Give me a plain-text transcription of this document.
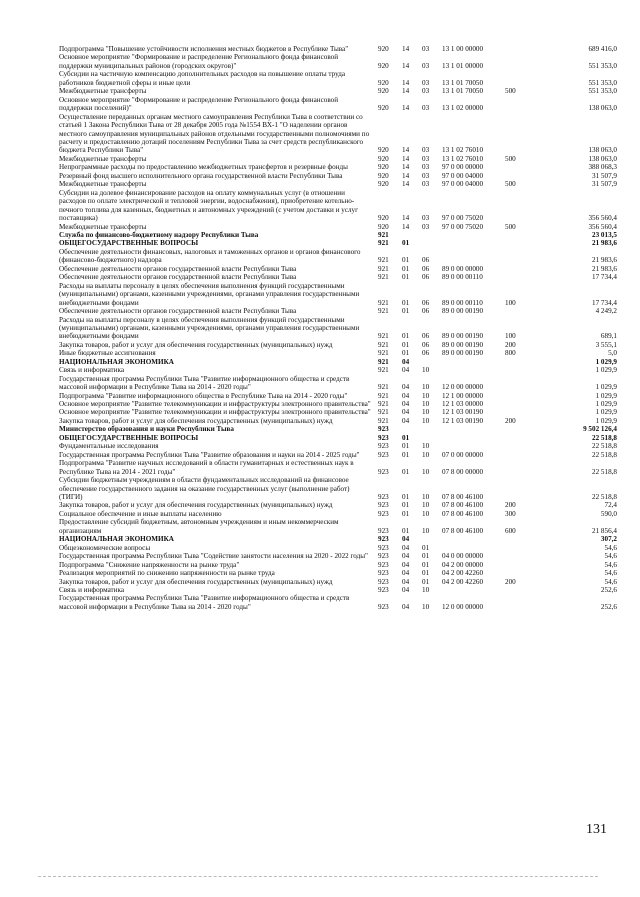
Подпрограмма "Повышение устойчивости исполнения местных бюджетов в Республике Тыва"	920	14	03	13 1 00 00000		689 416,0
Основное мероприятие "Формирование и распределение Регионального фонда финансовой поддержки муниципальных районов (городских округов)"	920	14	03	13 1 01 00000		551 353,0
Субсидии на частичную компенсацию дополнительных расходов на повышение оплаты труда работников бюджетной сферы и иные цели	920	14	03	13 1 01 70050		551 353,0
Межбюджетные трансферты	920	14	03	13 1 01 70050	500	551 353,0
Основное мероприятие "Формирование и распределение Регионального фонда финансовой поддержки поселений)"	920	14	03	13 1 02 00000		138 063,0
Осуществление переданных органам местного самоуправления Республики Тыва в соответствии со статьей 1 Закона Республики Тыва от 28 декабря 2005 года №1554 ВХ-1 "О наделении органов местного самоуправления муниципальных районов отдельными государственными полномочиями по расчету и предоставлению дотаций поселениям Республики Тыва за счет средств республиканского бюджета Республики Тыва"	920	14	03	13 1 02 76010		138 063,0
Межбюджетные трансферты	920	14	03	13 1 02 76010	500	138 063,0
Непрограммные расходы по предоставлению межбюджетных трансфертов и резервные фонды	920	14	03	97 0 00 00000		388 068,3
Резервный фонд высшего исполнительного органа государственной власти Республики Тыва	920	14	03	97 0 00 04000		31 507,9
Межбюджетные трансферты	920	14	03	97 0 00 04000	500	31 507,9
Субсидии на долевое финансирование расходов на оплату коммунальных услуг (в отношении расходов по оплате электрической и тепловой энергии, водоснабжения), приобретение котельно-печного топлива для казенных, бюджетных и автономных учреждений (с учетом доставки и услуг поставщика)	920	14	03	97 0 00 75020		356 560,4
Межбюджетные трансферты	920	14	03	97 0 00 75020	500	356 560,4
Служба по финансово-бюджетному надзору Республики Тыва	921					23 013,5
ОБЩЕГОСУДАРСТВЕННЫЕ ВОПРОСЫ	921	01				21 983,6
Обеспечение деятельности финансовых, налоговых и таможенных органов и органов финансового (финансово-бюджетного) надзора	921	01	06			21 983,6
Обеспечение деятельности органов государственной власти Республики Тыва	921	01	06	89 0 00 00000		21 983,6
Обеспечение деятельности органов государственной власти Республики Тыва	921	01	06	89 0 00 00110		17 734,4
Расходы на выплаты персоналу в целях обеспечения выполнения функций государственными (муниципальными) органами, казенными учреждениями, органами управления государственными внебюджетными фондами	921	01	06	89 0 00 00110	100	17 734,4
Обеспечение деятельности органов государственной власти Республики Тыва	921	01	06	89 0 00 00190		4 249,2
Расходы на выплаты персоналу в целях обеспечения выполнения функций государственными (муниципальными) органами, казенными учреждениями, органами управления государственными внебюджетными фондами	921	01	06	89 0 00 00190	100	689,1
Закупка товаров, работ и услуг для обеспечения государственных (муниципальных) нужд	921	01	06	89 0 00 00190	200	3 555,1
Иные бюджетные ассигнования	921	01	06	89 0 00 00190	800	5,0
НАЦИОНАЛЬНАЯ ЭКОНОМИКА	921	04				1 029,9
Связь и информатика	921	04	10			1 029,9
Государственная программа Республики Тыва "Развитие информационного общества и средств массовой информации в Республике Тыва на 2014 - 2020 годы"	921	04	10	12 0 00 00000		1 029,9
Подпрограмма "Развитие информационного общества в Республике Тыва на 2014 - 2020 годы"	921	04	10	12 1 00 00000		1 029,9
Основное мероприятие "Развитие телекоммуникации и инфраструктуры электронного правительства"	921	04	10	12 1 03 00000		1 029,9
Основное мероприятие "Развитие телекоммуникации и инфраструктуры электронного правительства"	921	04	10	12 1 03 00190		1 029,9
Закупка товаров, работ и услуг для обеспечения государственных (муниципальных) нужд	921	04	10	12 1 03 00190	200	1 029,9
Министерство образования и науки Республики Тыва	923					9 502 126,4
ОБЩЕГОСУДАРСТВЕННЫЕ ВОПРОСЫ	923	01				22 518,8
Фундаментальные исследования	923	01	10			22 518,8
Государственная программа Республики Тыва "Развитие образования и науки на 2014 - 2025 годы"	923	01	10	07 0 00 00000		22 518,8
Подпрограмма "Развитие научных исследований в области гуманитарных и естественных наук в Республике Тыва на 2014 - 2021 годы"	923	01	10	07 8 00 00000		22 518,8
Субсидии бюджетным учреждениям в области фундаментальных исследований на финансовое обеспечение государственного задания на оказание государственных услуг (выполнение работ) (ТИГИ)	923	01	10	07 8 00 46100		22 518,8
Закупка товаров, работ и услуг для обеспечения государственных (муниципальных) нужд	923	01	10	07 8 00 46100	200	72,4
Социальное обеспечение и иные выплаты населению	923	01	10	07 8 00 46100	300	590,0
Предоставление субсидий бюджетным, автономным учреждениям и иным некоммерческим организациям	923	01	10	07 8 00 46100	600	21 856,4
НАЦИОНАЛЬНАЯ ЭКОНОМИКА	923	04				307,2
Общеэкономические вопросы	923	04	01			54,6
Государственная программа Республики Тыва "Содействие занятости населения на 2020 - 2022 годы"	923	04	01	04 0 00 00000		54,6
Подпрограмма "Снижение напряженности на рынке труда"	923	04	01	04 2 00 00000		54,6
Реализация мероприятий по снижению напряженности на рынке труда	923	04	01	04 2 00 42260		54,6
Закупка товаров, работ и услуг для обеспечения государственных (муниципальных) нужд	923	04	01	04 2 00 42260	200	54,6
Связь и информатика	923	04	10			252,6
Государственная программа Республики Тыва "Развитие информационного общества и средств массовой информации в Республике Тыва на 2014 - 2020 годы"	923	04	10	12 0 00 00000		252,6
131
